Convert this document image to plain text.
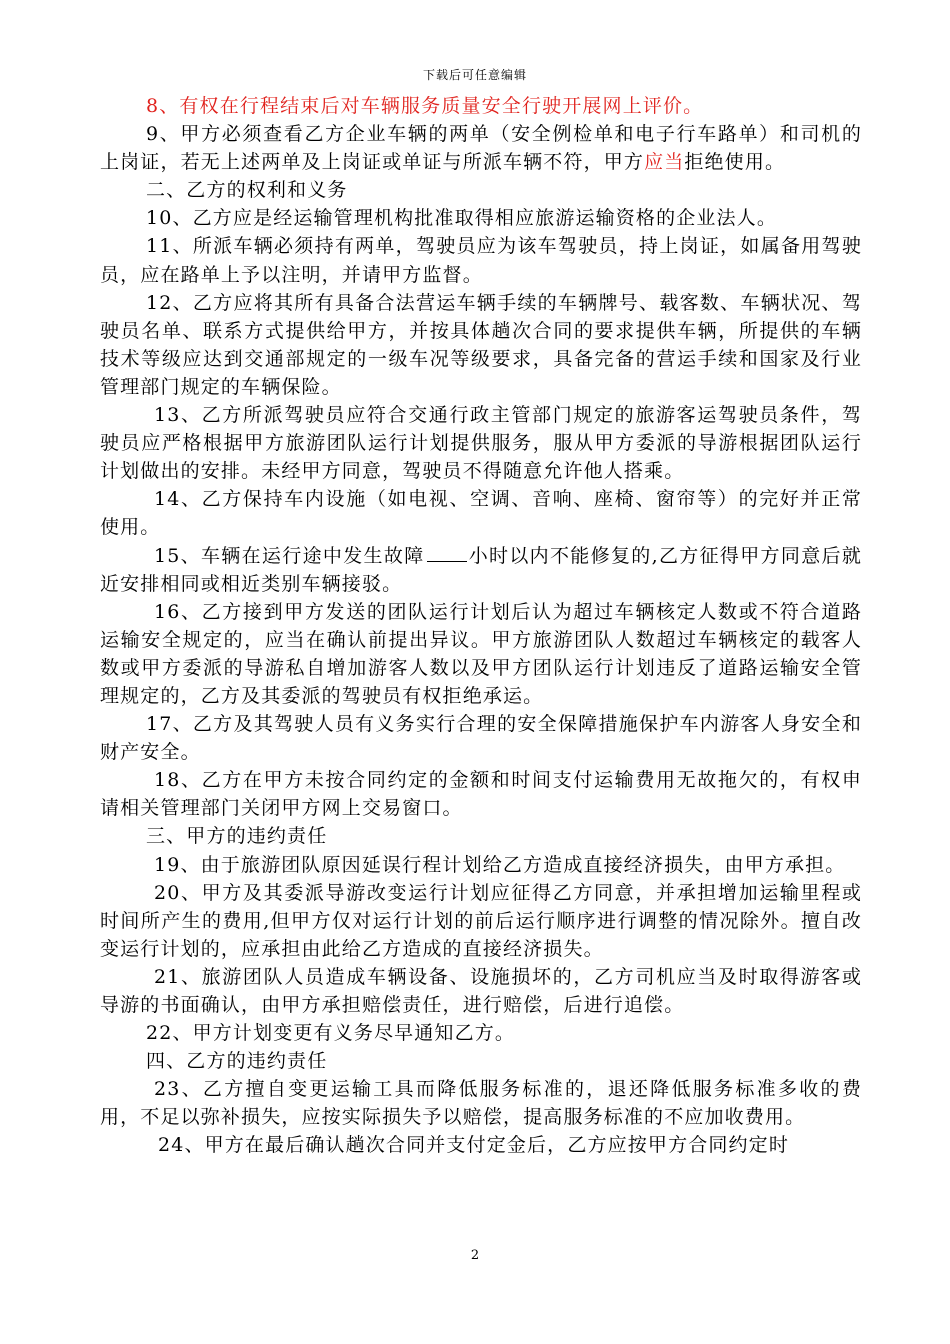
下载后可任意编辑

8、有权在行程结束后对车辆服务质量安全行驶开展网上评价。

9、甲方必须查看乙方企业车辆的两单（安全例检单和电子行车路单）和司机的上岗证，若无上述两单及上岗证或单证与所派车辆不符，甲方应当拒绝使用。

二、乙方的权利和义务

10、乙方应是经运输管理机构批准取得相应旅游运输资格的企业法人。

11、所派车辆必须持有两单，驾驶员应为该车驾驶员，持上岗证，如属备用驾驶员，应在路单上予以注明，并请甲方监督。

12、乙方应将其所有具备合法营运车辆手续的车辆牌号、载客数、车辆状况、驾驶员名单、联系方式提供给甲方，并按具体趟次合同的要求提供车辆，所提供的车辆技术等级应达到交通部规定的一级车况等级要求，具备完备的营运手续和国家及行业管理部门规定的车辆保险。

13、乙方所派驾驶员应符合交通行政主管部门规定的旅游客运驾驶员条件，驾驶员应严格根据甲方旅游团队运行计划提供服务，服从甲方委派的导游根据团队运行计划做出的安排。未经甲方同意，驾驶员不得随意允许他人搭乘。

14、乙方保持车内设施（如电视、空调、音响、座椅、窗帘等）的完好并正常使用。

15、车辆在运行途中发生故障 小时以内不能修复的,乙方征得甲方同意后就近安排相同或相近类别车辆接驳。

16、乙方接到甲方发送的团队运行计划后认为超过车辆核定人数或不符合道路运输安全规定的，应当在确认前提出异议。甲方旅游团队人数超过车辆核定的载客人数或甲方委派的导游私自增加游客人数以及甲方团队运行计划违反了道路运输安全管理规定的，乙方及其委派的驾驶员有权拒绝承运。

17、乙方及其驾驶人员有义务实行合理的安全保障措施保护车内游客人身安全和财产安全。

18、乙方在甲方未按合同约定的金额和时间支付运输费用无故拖欠的，有权申请相关管理部门关闭甲方网上交易窗口。

三、甲方的违约责任

19、由于旅游团队原因延误行程计划给乙方造成直接经济损失，由甲方承担。

20、甲方及其委派导游改变运行计划应征得乙方同意，并承担增加运输里程或时间所产生的费用,但甲方仅对运行计划的前后运行顺序进行调整的情况除外。擅自改变运行计划的，应承担由此给乙方造成的直接经济损失。

21、旅游团队人员造成车辆设备、设施损坏的，乙方司机应当及时取得游客或导游的书面确认，由甲方承担赔偿责任，进行赔偿，后进行追偿。

22、甲方计划变更有义务尽早通知乙方。

四、乙方的违约责任

23、乙方擅自变更运输工具而降低服务标准的，退还降低服务标准多收的费用，不足以弥补损失，应按实际损失予以赔偿，提高服务标准的不应加收费用。

24、甲方在最后确认趟次合同并支付定金后，乙方应按甲方合同约定时

2
